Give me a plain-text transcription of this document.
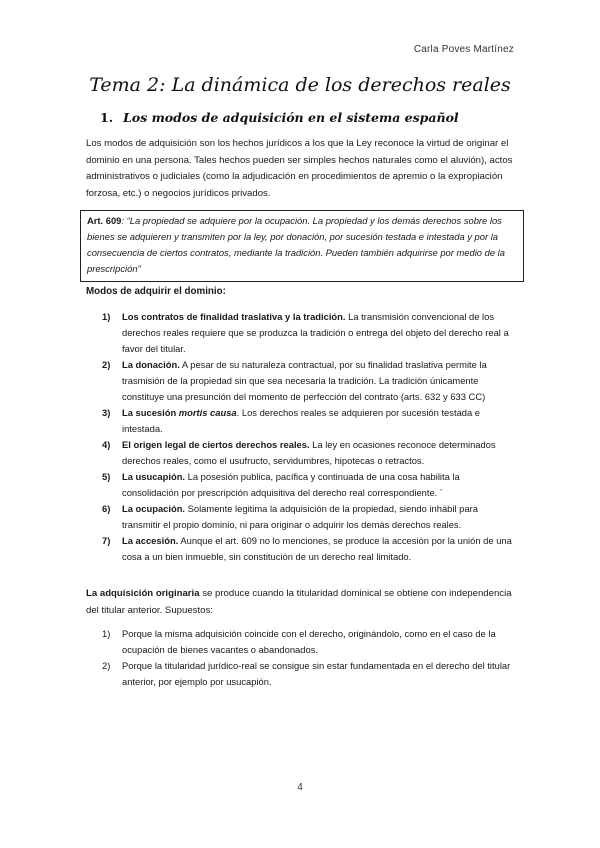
Carla Poves Martínez
Tema 2: La dinámica de los derechos reales
1. Los modos de adquisición en el sistema español
Los modos de adquisición son los hechos jurídicos a los que la Ley reconoce la virtud de originar el dominio en una persona. Tales hechos pueden ser simples hechos naturales como el aluvión), actos administrativos o judiciales (como la adjudicación en procedimientos de apremio o la expropiación forzosa, etc.) o negocios jurídicos privados.
Art. 609: “La propiedad se adquiere por la ocupación. La propiedad y los demás derechos sobre los bienes se adquieren y transmiten por la ley, por donación, por sucesión testada e intestada y por la consecuencia de ciertos contratos, mediante la tradición. Pueden también adquirirse por medio de la prescripción”
Modos de adquirir el dominio:
1) Los contratos de finalidad traslativa y la tradición. La transmisión convencional de los derechos reales requiere que se produzca la tradición o entrega del objeto del derecho real a favor del titular.
2) La donación. A pesar de su naturaleza contractual, por su finalidad traslativa permite la trasmisión de la propiedad sin que sea necesaria la tradición. La tradición únicamente constituye una presunción del momento de perfección del contrato (arts. 632 y 633 CC)
3) La sucesión mortis causa. Los derechos reales se adquieren por sucesión testada e intestada.
4) El origen legal de ciertos derechos reales. La ley en ocasiones reconoce determinados derechos reales, como el usufructo, servidumbres, hipotecas o retractos.
5) La usucapión. La posesión publica, pacífica y continuada de una cosa habilita la consolidación por prescripción adquisitiva del derecho real correspondiente. ´
6) La ocupación. Solamente legitima la adquisición de la propiedad, siendo inhábil para transmitir el propio dominio, ni para originar o adquirir los demás derechos reales.
7) La accesión. Aunque el art. 609 no lo menciones, se produce la accesión por la unión de una cosa a un bien inmueble, sin constitución de un derecho real limitado.
La adquisición originaria se produce cuando la titularidad dominical se obtiene con independencia del titular anterior. Supuestos:
1) Porque la misma adquisición coincide con el derecho, originándolo, como en el caso de la ocupación de bienes vacantes o abandonados.
2) Porque la titularidad jurídico-real se consigue sin estar fundamentada en el derecho del titular anterior, por ejemplo por usucapión.
4
